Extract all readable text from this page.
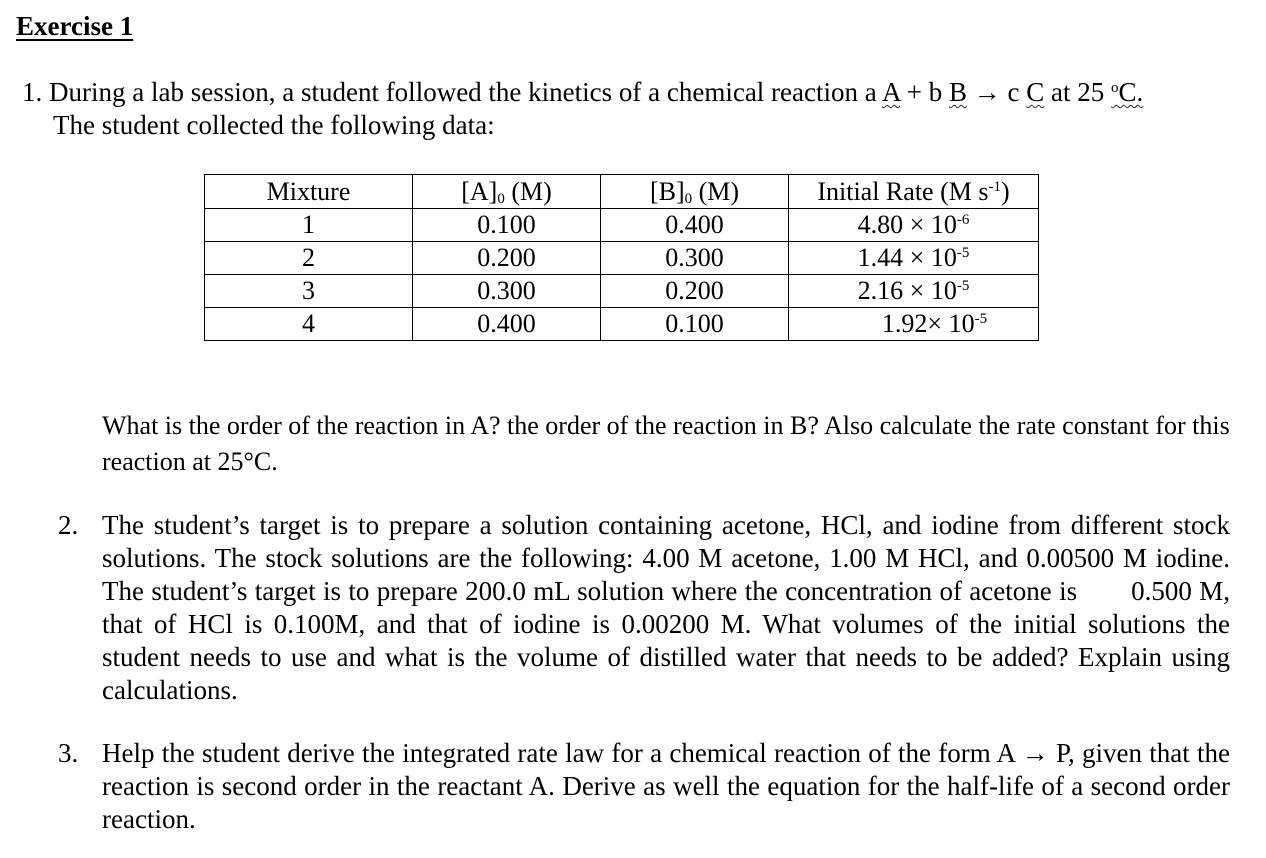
Exercise 1
1. During a lab session, a student followed the kinetics of a chemical reaction a A + b B → c C at 25 $^o$C.
The student collected the following data:
Mixture	$[A]_0$ (M)	$[B]_0$ (M)	Initial Rate (M $s^{-1}$)
1	0.100	0.400	$4.80 \times 10^{-6}$
2	0.200	0.300	$1.44 \times 10^{-5}$
3	0.300	0.200	$2.16 \times 10^{-5}$
4	0.400	0.100	$1.92\times 10^{-5}$
What is the order of the reaction in A? the order of the reaction in B? Also calculate the rate constant for this reaction at 25°C.
2. The student’s target is to prepare a solution containing acetone, HCl, and iodine from different stock solutions. The stock solutions are the following: 4.00 M acetone, 1.00 M HCl, and 0.00500 M iodine. The student’s target is to prepare 200.0 mL solution where the concentration of acetone is 0.500 M, that of HCl is 0.100M, and that of iodine is 0.00200 M. What volumes of the initial solutions the student needs to use and what is the volume of distilled water that needs to be added? Explain using calculations.
3. Help the student derive the integrated rate law for a chemical reaction of the form A → P, given that the reaction is second order in the reactant A. Derive as well the equation for the half-life of a second order reaction.
